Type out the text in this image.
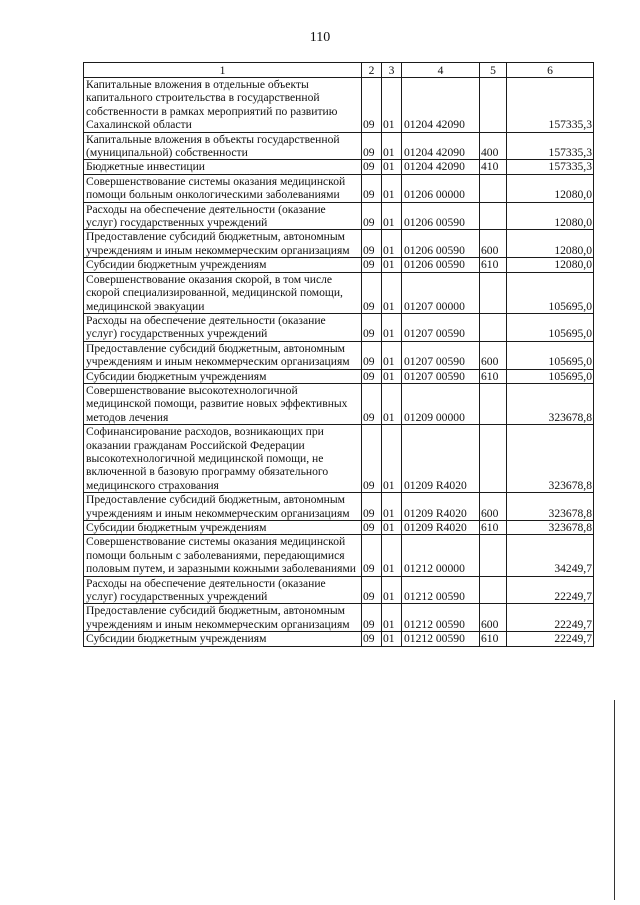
110
1	2	3	4	5	6
Капитальные вложения в отдельные объекты капитального строительства в государственной собственности в рамках мероприятий по развитию Сахалинской области	09	01	01204 42090		157335,3
Капитальные вложения в объекты государственной (муниципальной) собственности	09	01	01204 42090	400	157335,3
Бюджетные инвестиции	09	01	01204 42090	410	157335,3
Совершенствование системы оказания медицинской помощи больным онкологическими заболеваниями	09	01	01206 00000		12080,0
Расходы на обеспечение деятельности (оказание услуг) государственных учреждений	09	01	01206 00590		12080,0
Предоставление субсидий бюджетным, автономным учреждениям и иным некоммерческим организациям	09	01	01206 00590	600	12080,0
Субсидии бюджетным учреждениям	09	01	01206 00590	610	12080,0
Совершенствование оказания скорой, в том числе скорой специализированной, медицинской помощи, медицинской эвакуации	09	01	01207 00000		105695,0
Расходы на обеспечение деятельности (оказание услуг) государственных учреждений	09	01	01207 00590		105695,0
Предоставление субсидий бюджетным, автономным учреждениям и иным некоммерческим организациям	09	01	01207 00590	600	105695,0
Субсидии бюджетным учреждениям	09	01	01207 00590	610	105695,0
Совершенствование высокотехнологичной медицинской помощи, развитие новых эффективных методов лечения	09	01	01209 00000		323678,8
Софинансирование расходов, возникающих при оказании гражданам Российской Федерации высокотехнологичной медицинской помощи, не включенной в базовую программу обязательного медицинского страхования	09	01	01209 R4020		323678,8
Предоставление субсидий бюджетным, автономным учреждениям и иным некоммерческим организациям	09	01	01209 R4020	600	323678,8
Субсидии бюджетным учреждениям	09	01	01209 R4020	610	323678,8
Совершенствование системы оказания медицинской помощи больным с заболеваниями, передающимися половым путем, и заразными кожными заболеваниями	09	01	01212 00000		34249,7
Расходы на обеспечение деятельности (оказание услуг) государственных учреждений	09	01	01212 00590		22249,7
Предоставление субсидий бюджетным, автономным учреждениям и иным некоммерческим организациям	09	01	01212 00590	600	22249,7
Субсидии бюджетным учреждениям	09	01	01212 00590	610	22249,7
